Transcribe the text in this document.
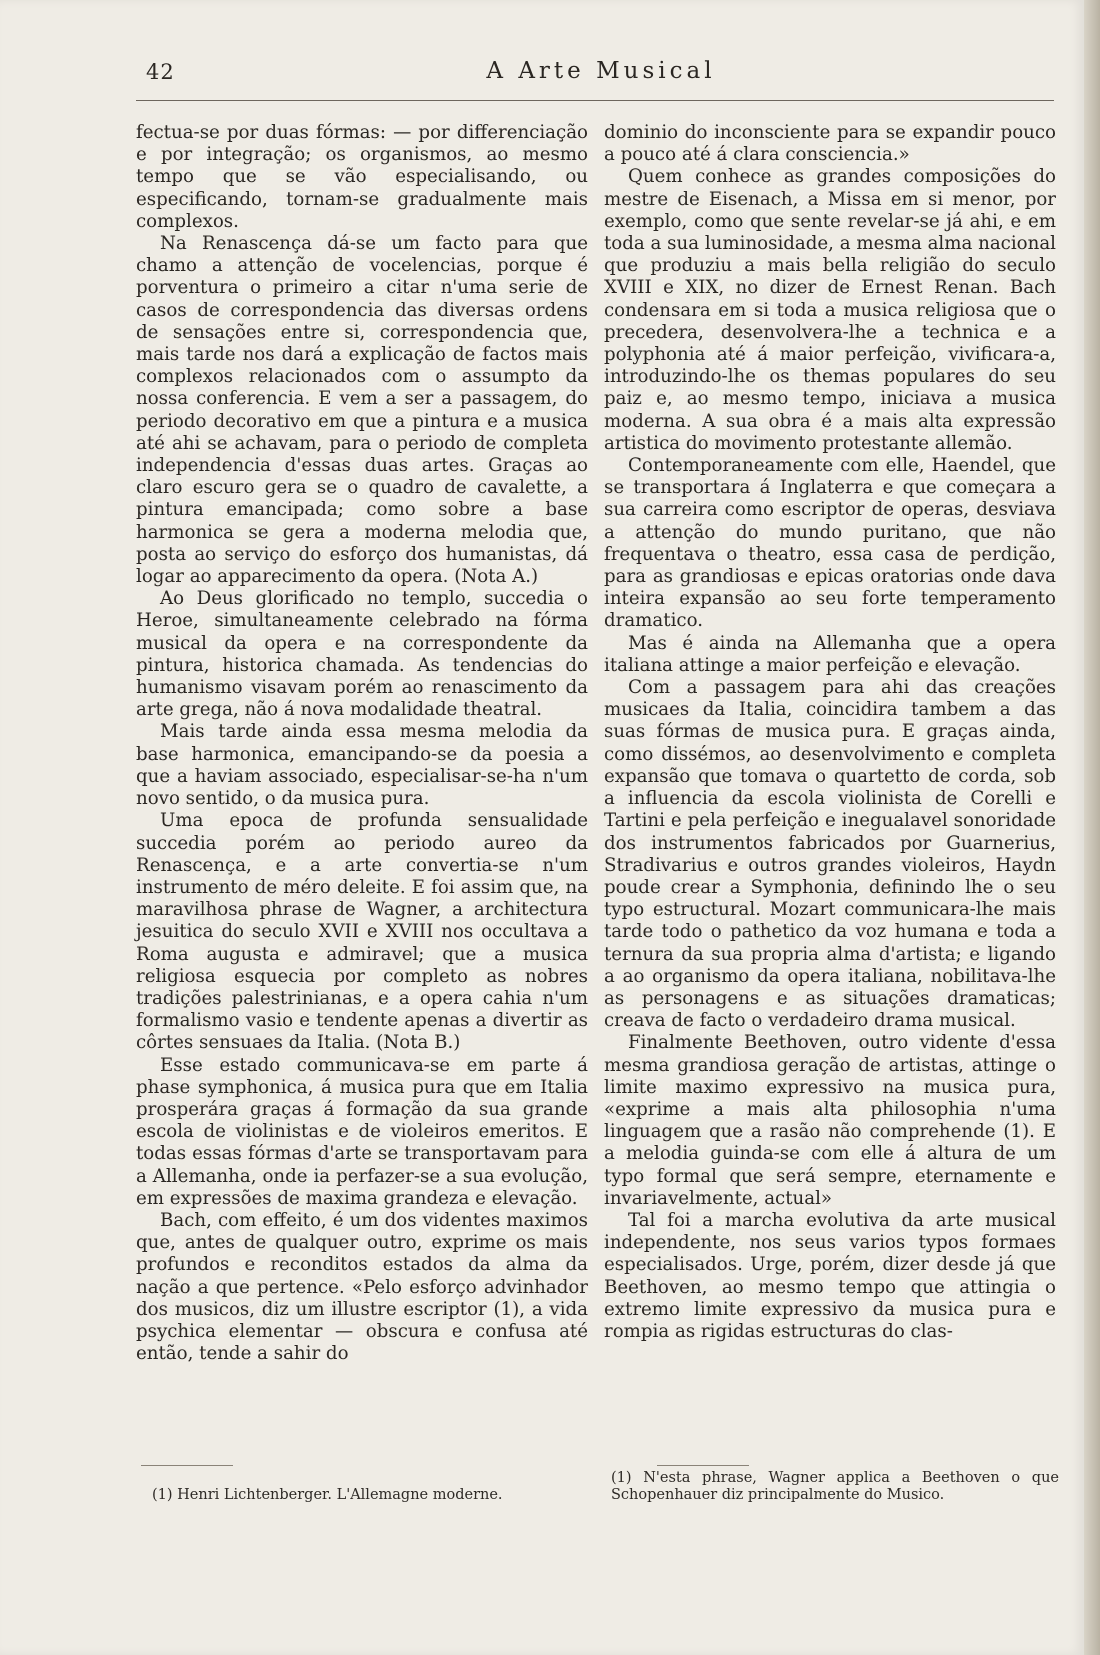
42	A Arte Musical

fectua-se por duas fórmas: — por differenciação e por integração; os organismos, ao mesmo tempo que se vão especialisando, ou especificando, tornam-se gradualmente mais complexos.

Na Renascença dá-se um facto para que chamo a attenção de vocelencias, porque é porventura o primeiro a citar n'uma serie de casos de correspondencia das diversas ordens de sensações entre si, correspondencia que, mais tarde nos dará a explicação de factos mais complexos relacionados com o assumpto da nossa conferencia. E vem a ser a passagem, do periodo decorativo em que a pintura e a musica até ahi se achavam, para o periodo de completa independencia d'essas duas artes. Graças ao claro escuro gera se o quadro de cavalette, a pintura emancipada; como sobre a base harmonica se gera a moderna melodia que, posta ao serviço do esforço dos humanistas, dá logar ao apparecimento da opera. (Nota A.)

Ao Deus glorificado no templo, succedia o Heroe, simultaneamente celebrado na fórma musical da opera e na correspondente da pintura, historica chamada. As tendencias do humanismo visavam porém ao renascimento da arte grega, não á nova modalidade theatral.

Mais tarde ainda essa mesma melodia da base harmonica, emancipando-se da poesia a que a haviam associado, especialisar-se-ha n'um novo sentido, o da musica pura.

Uma epoca de profunda sensualidade succedia porém ao periodo aureo da Renascença, e a arte convertia-se n'um instrumento de méro deleite. E foi assim que, na maravilhosa phrase de Wagner, a architectura jesuitica do seculo XVII e XVIII nos occultava a Roma augusta e admiravel; que a musica religiosa esquecia por completo as nobres tradições palestrinianas, e a opera cahia n'um formalismo vasio e tendente apenas a divertir as côrtes sensuaes da Italia. (Nota B.)

Esse estado communicava-se em parte á phase symphonica, á musica pura que em Italia prosperára graças á formação da sua grande escola de violinistas e de violeiros emeritos. E todas essas fórmas d'arte se transportavam para a Allemanha, onde ia perfazer-se a sua evolução, em expressões de maxima grandeza e elevação.

Bach, com effeito, é um dos videntes maximos que, antes de qualquer outro, exprime os mais profundos e reconditos estados da alma da nação a que pertence. «Pelo esforço advinhador dos musicos, diz um illustre escriptor (1), a vida psychica elementar — obscura e confusa até então, tende a sahir do

dominio do inconsciente para se expandir pouco a pouco até á clara consciencia.»

Quem conhece as grandes composições do mestre de Eisenach, a Missa em si menor, por exemplo, como que sente revelar-se já ahi, e em toda a sua luminosidade, a mesma alma nacional que produziu a mais bella religião do seculo XVIII e XIX, no dizer de Ernest Renan. Bach condensara em si toda a musica religiosa que o precedera, desenvolvera-lhe a technica e a polyphonia até á maior perfeição, vivificara-a, introduzindo-lhe os themas populares do seu paiz e, ao mesmo tempo, iniciava a musica moderna. A sua obra é a mais alta expressão artistica do movimento protestante allemão.

Contemporaneamente com elle, Haendel, que se transportara á Inglaterra e que começara a sua carreira como escriptor de operas, desviava a attenção do mundo puritano, que não frequentava o theatro, essa casa de perdição, para as grandiosas e epicas oratorias onde dava inteira expansão ao seu forte temperamento dramatico.

Mas é ainda na Allemanha que a opera italiana attinge a maior perfeição e elevação.

Com a passagem para ahi das creações musicaes da Italia, coincidira tambem a das suas fórmas de musica pura. E graças ainda, como dissémos, ao desenvolvimento e completa expansão que tomava o quartetto de corda, sob a influencia da escola violinista de Corelli e Tartini e pela perfeição e inegualavel sonoridade dos instrumentos fabricados por Guarnerius, Stradivarius e outros grandes violeiros, Haydn poude crear a Symphonia, definindo lhe o seu typo estructural. Mozart communicara-lhe mais tarde todo o pathetico da voz humana e toda a ternura da sua propria alma d'artista; e ligando a ao organismo da opera italiana, nobilitava-lhe as personagens e as situações dramaticas; creava de facto o verdadeiro drama musical.

Finalmente Beethoven, outro vidente d'essa mesma grandiosa geração de artistas, attinge o limite maximo expressivo na musica pura, «exprime a mais alta philosophia n'uma linguagem que a rasão não comprehende (1). E a melodia guinda-se com elle á altura de um typo formal que será sempre, eternamente e invariavelmente, actual»

Tal foi a marcha evolutiva da arte musical independente, nos seus varios typos formaes especialisados. Urge, porém, dizer desde já que Beethoven, ao mesmo tempo que attingia o extremo limite expressivo da musica pura e rompia as rigidas estructuras do clas-

(1) Henri Lichtenberger. L'Allemagne moderne.
(1) N'esta phrase, Wagner applica a Beethoven o que Schopenhauer diz principalmente do Musico.
